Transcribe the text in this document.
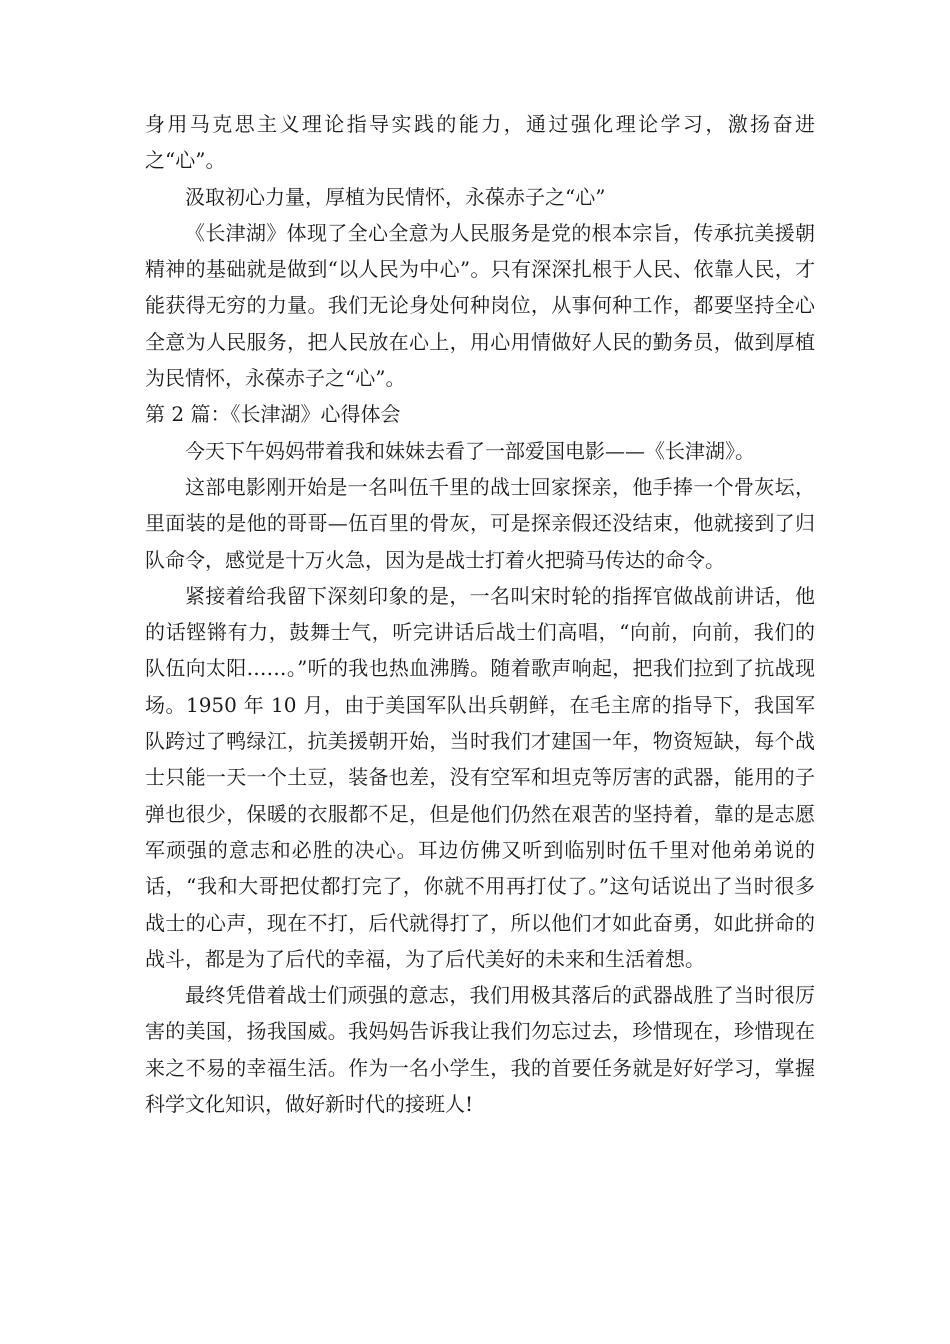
身用马克思主义理论指导实践的能力，通过强化理论学习，激扬奋进之“心”。

汲取初心力量，厚植为民情怀，永葆赤子之“心”

《长津湖》体现了全心全意为人民服务是党的根本宗旨，传承抗美援朝精神的基础就是做到“以人民为中心”。只有深深扎根于人民、依靠人民，才能获得无穷的力量。我们无论身处何种岗位，从事何种工作，都要坚持全心全意为人民服务，把人民放在心上，用心用情做好人民的勤务员，做到厚植为民情怀，永葆赤子之“心”。

第 2 篇：《长津湖》心得体会

今天下午妈妈带着我和妹妹去看了一部爱国电影——《长津湖》。

这部电影刚开始是一名叫伍千里的战士回家探亲，他手捧一个骨灰坛，里面装的是他的哥哥—伍百里的骨灰，可是探亲假还没结束，他就接到了归队命令，感觉是十万火急，因为是战士打着火把骑马传达的命令。

紧接着给我留下深刻印象的是，一名叫宋时轮的指挥官做战前讲话，他的话铿锵有力，鼓舞士气，听完讲话后战士们高唱，“向前，向前，我们的队伍向太阳……。”听的我也热血沸腾。随着歌声响起，把我们拉到了抗战现场。1950 年 10 月，由于美国军队出兵朝鲜，在毛主席的指导下，我国军队跨过了鸭绿江，抗美援朝开始，当时我们才建国一年，物资短缺，每个战士只能一天一个土豆，装备也差，没有空军和坦克等厉害的武器，能用的子弹也很少，保暖的衣服都不足，但是他们仍然在艰苦的坚持着，靠的是志愿军顽强的意志和必胜的决心。耳边仿佛又听到临别时伍千里对他弟弟说的话，“我和大哥把仗都打完了，你就不用再打仗了。”这句话说出了当时很多战士的心声，现在不打，后代就得打了，所以他们才如此奋勇，如此拼命的战斗，都是为了后代的幸福，为了后代美好的未来和生活着想。

最终凭借着战士们顽强的意志，我们用极其落后的武器战胜了当时很厉害的美国，扬我国威。我妈妈告诉我让我们勿忘过去，珍惜现在，珍惜现在来之不易的幸福生活。作为一名小学生，我的首要任务就是好好学习，掌握科学文化知识，做好新时代的接班人!
